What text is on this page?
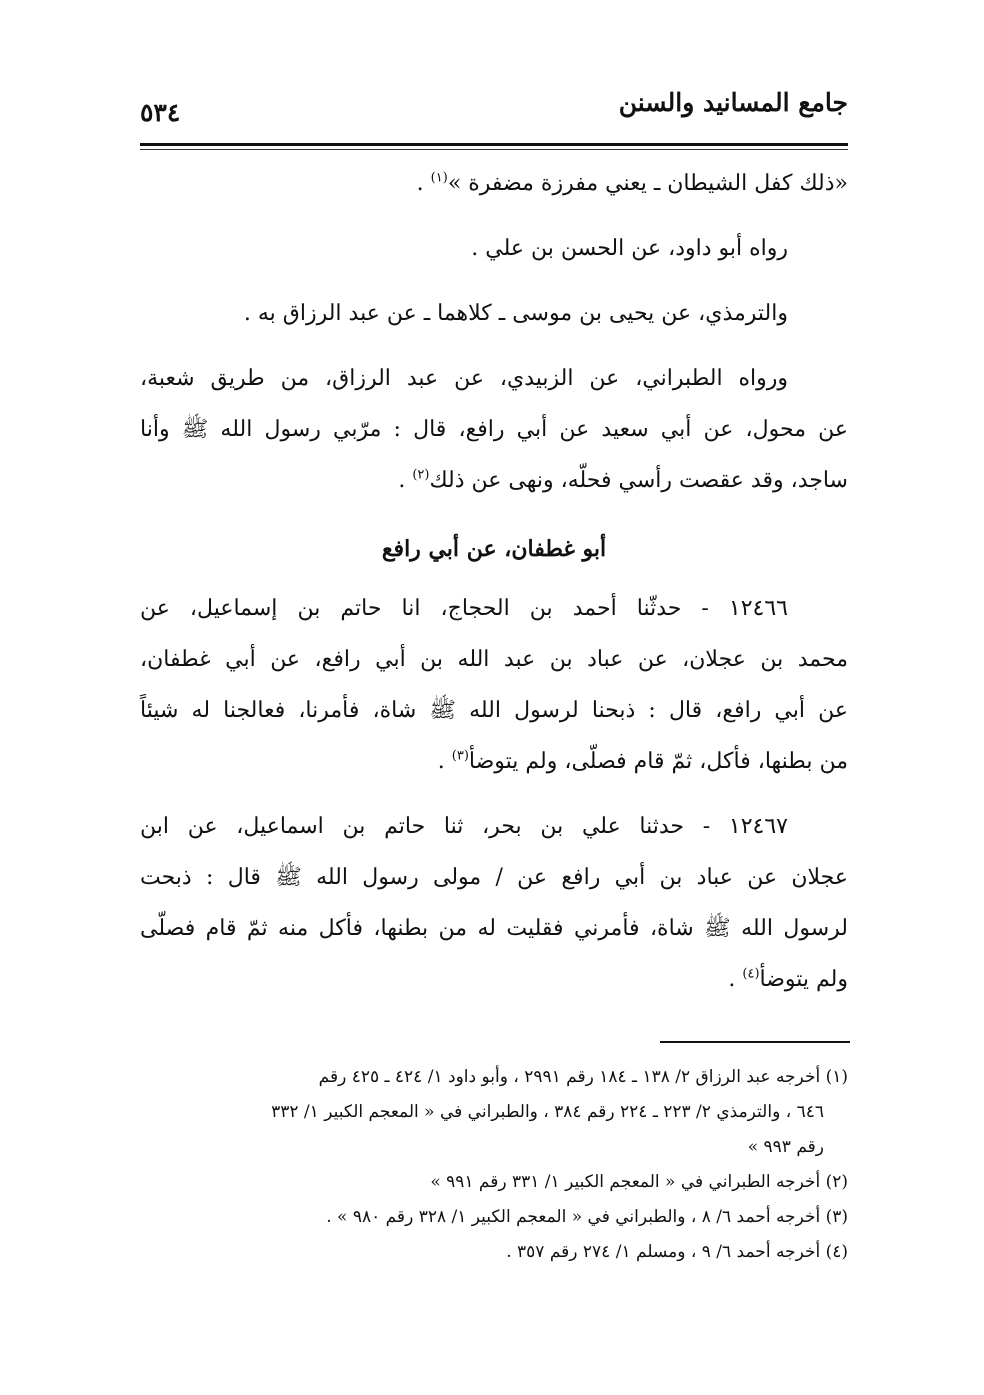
جامع المسانيد والسنن
٥٣٤
«ذلك كفل الشيطان ـ يعني مفرزة مضفرة »$^{(١)}$ .
رواه أبو داود، عن الحسن بن علي .
والترمذي، عن يحيى بن موسى ـ كلاهما ـ عن عبد الرزاق به .
ورواه الطبراني، عن الزبيدي، عن عبد الرزاق، من طريق شعبة،
عن محول، عن أبي سعيد عن أبي رافع، قال : مرّبي رسول الله ﷺ وأنا
ساجد، وقد عقصت رأسي فحلّه، ونهى عن ذلك$^{(٢)}$ .
أبو غطفان، عن أبي رافع
١٢٤٦٦ - حدثّنا أحمد بن الحجاج، انا حاتم بن إسماعيل، عن
محمد بن عجلان، عن عباد بن عبد الله بن أبي رافع، عن أبي غطفان،
عن أبي رافع، قال : ذبحنا لرسول الله ﷺ شاة، فأمرنا، فعالجنا له شيئاً
من بطنها، فأكل، ثمّ قام فصلّى، ولم يتوضأ$^{(٣)}$ .
١٢٤٦٧ - حدثنا علي بن بحر، ثنا حاتم بن اسماعيل، عن ابن
عجلان عن عباد بن أبي رافع عن / مولى رسول الله ﷺ قال : ذبحت
لرسول الله ﷺ شاة، فأمرني فقليت له من بطنها، فأكل منه ثمّ قام فصلّى
ولم يتوضأ$^{(٤)}$ .
(١) أخرجه عبد الرزاق ٢/ ١٣٨ ـ ١٨٤ رقم ٢٩٩١ ، وأبو داود ١/ ٤٢٤ ـ ٤٢٥ رقم
٦٤٦ ، والترمذي ٢/ ٢٢٣ ـ ٢٢٤ رقم ٣٨٤ ، والطبراني في « المعجم الكبير ١/ ٣٣٢
رقم ٩٩٣ »
(٢) أخرجه الطبراني في « المعجم الكبير ١/ ٣٣١ رقم ٩٩١ »
(٣) أخرجه أحمد ٦/ ٨ ، والطبراني في « المعجم الكبير ١/ ٣٢٨ رقم ٩٨٠ » .
(٤) أخرجه أحمد ٦/ ٩ ، ومسلم ١/ ٢٧٤ رقم ٣٥٧ .
